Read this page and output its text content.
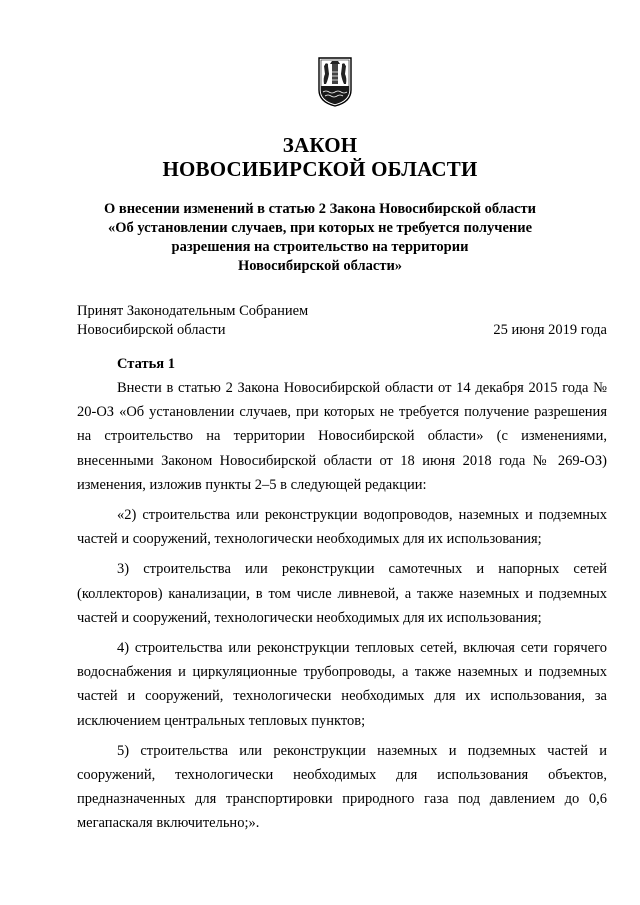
ЗАКОН
НОВОСИБИРСКОЙ ОБЛАСТИ
О внесении изменений в статью 2 Закона Новосибирской области
«Об установлении случаев, при которых не требуется получение
разрешения на строительство на территории
Новосибирской области»
Принят Законодательным Собранием
Новосибирской области	25 июня 2019 года
Статья 1

Внести в статью 2 Закона Новосибирской области от 14 декабря 2015 года № 20-ОЗ «Об установлении случаев, при которых не требуется получение разрешения на строительство на территории Новосибирской области» (с изменениями, внесенными Законом Новосибирской области от 18 июня 2018 года № 269-ОЗ) изменения, изложив пункты 2–5 в следующей редакции:

«2) строительства или реконструкции водопроводов, наземных и подземных частей и сооружений, технологически необходимых для их использования;

3) строительства или реконструкции самотечных и напорных сетей (коллекторов) канализации, в том числе ливневой, а также наземных и подземных частей и сооружений, технологически необходимых для их использования;

4) строительства или реконструкции тепловых сетей, включая сети горячего водоснабжения и циркуляционные трубопроводы, а также наземных и подземных частей и сооружений, технологически необходимых для их использования, за исключением центральных тепловых пунктов;

5) строительства или реконструкции наземных и подземных частей и сооружений, технологически необходимых для использования объектов, предназначенных для транспортировки природного газа под давлением до 0,6 мегапаскаля включительно;».
